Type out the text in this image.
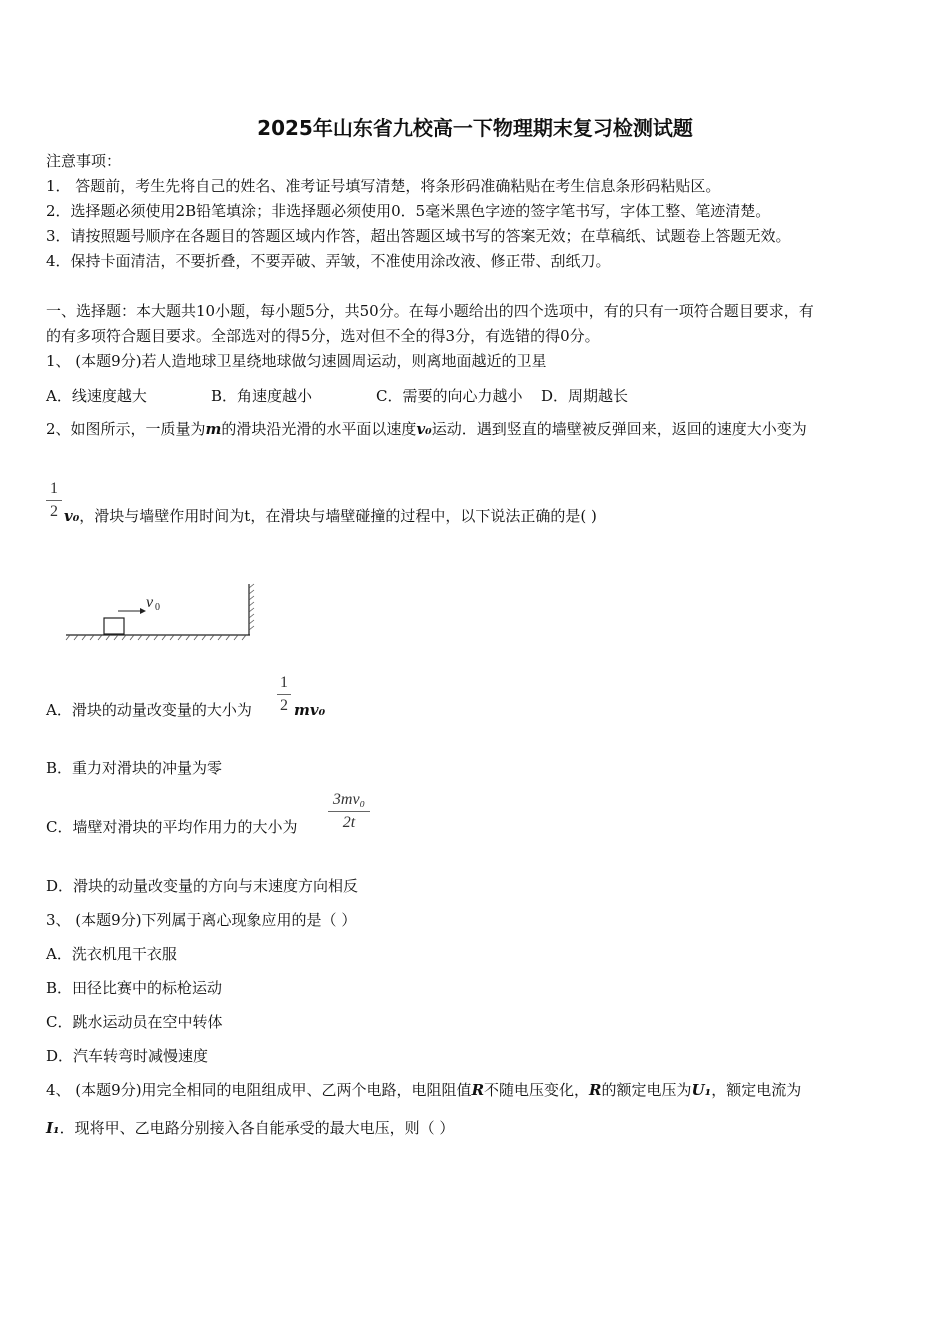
2025年山东省九校高一下物理期末复习检测试题
注意事项：
1． 答题前，考生先将自己的姓名、准考证号填写清楚，将条形码准确粘贴在考生信息条形码粘贴区。
2．选择题必须使用2B铅笔填涂；非选择题必须使用0．5毫米黑色字迹的签字笔书写，字体工整、笔迹清楚。
3．请按照题号顺序在各题目的答题区域内作答，超出答题区域书写的答案无效；在草稿纸、试题卷上答题无效。
4．保持卡面清洁，不要折叠，不要弄破、弄皱，不准使用涂改液、修正带、刮纸刀。
一、选择题：本大题共10小题，每小题5分，共50分。在每小题给出的四个选项中，有的只有一项符合题目要求，有
的有多项符合题目要求。全部选对的得5分，选对但不全的得3分，有选错的得0分。
1、 (本题9分)若人造地球卫星绕地球做匀速圆周运动，则离地面越近的卫星
A．线速度越大	B．角速度越小	C．需要的向心力越小 D．周期越长
2、如图所示，一质量为m的滑块沿光滑的水平面以速度v₀运动．遇到竖直的墙壁被反弹回来，返回的速度大小变为
1
2 v₀，滑块与墙壁作用时间为t，在滑块与墙壁碰撞的过程中，以下说法正确的是( )
v 0
A．滑块的动量改变量的大小为
1
2 mv₀
B．重力对滑块的冲量为零
C．墙壁对滑块的平均作用力的大小为
3mv₀
2t
D．滑块的动量改变量的方向与末速度方向相反
3、 (本题9分)下列属于离心现象应用的是（ ）
A．洗衣机甩干衣服
B．田径比赛中的标枪运动
C．跳水运动员在空中转体
D．汽车转弯时减慢速度
4、 (本题9分)用完全相同的电阻组成甲、乙两个电路，电阻阻值R不随电压变化，R的额定电压为U₁，额定电流为
I₁．现将甲、乙电路分别接入各自能承受的最大电压，则（ ）
